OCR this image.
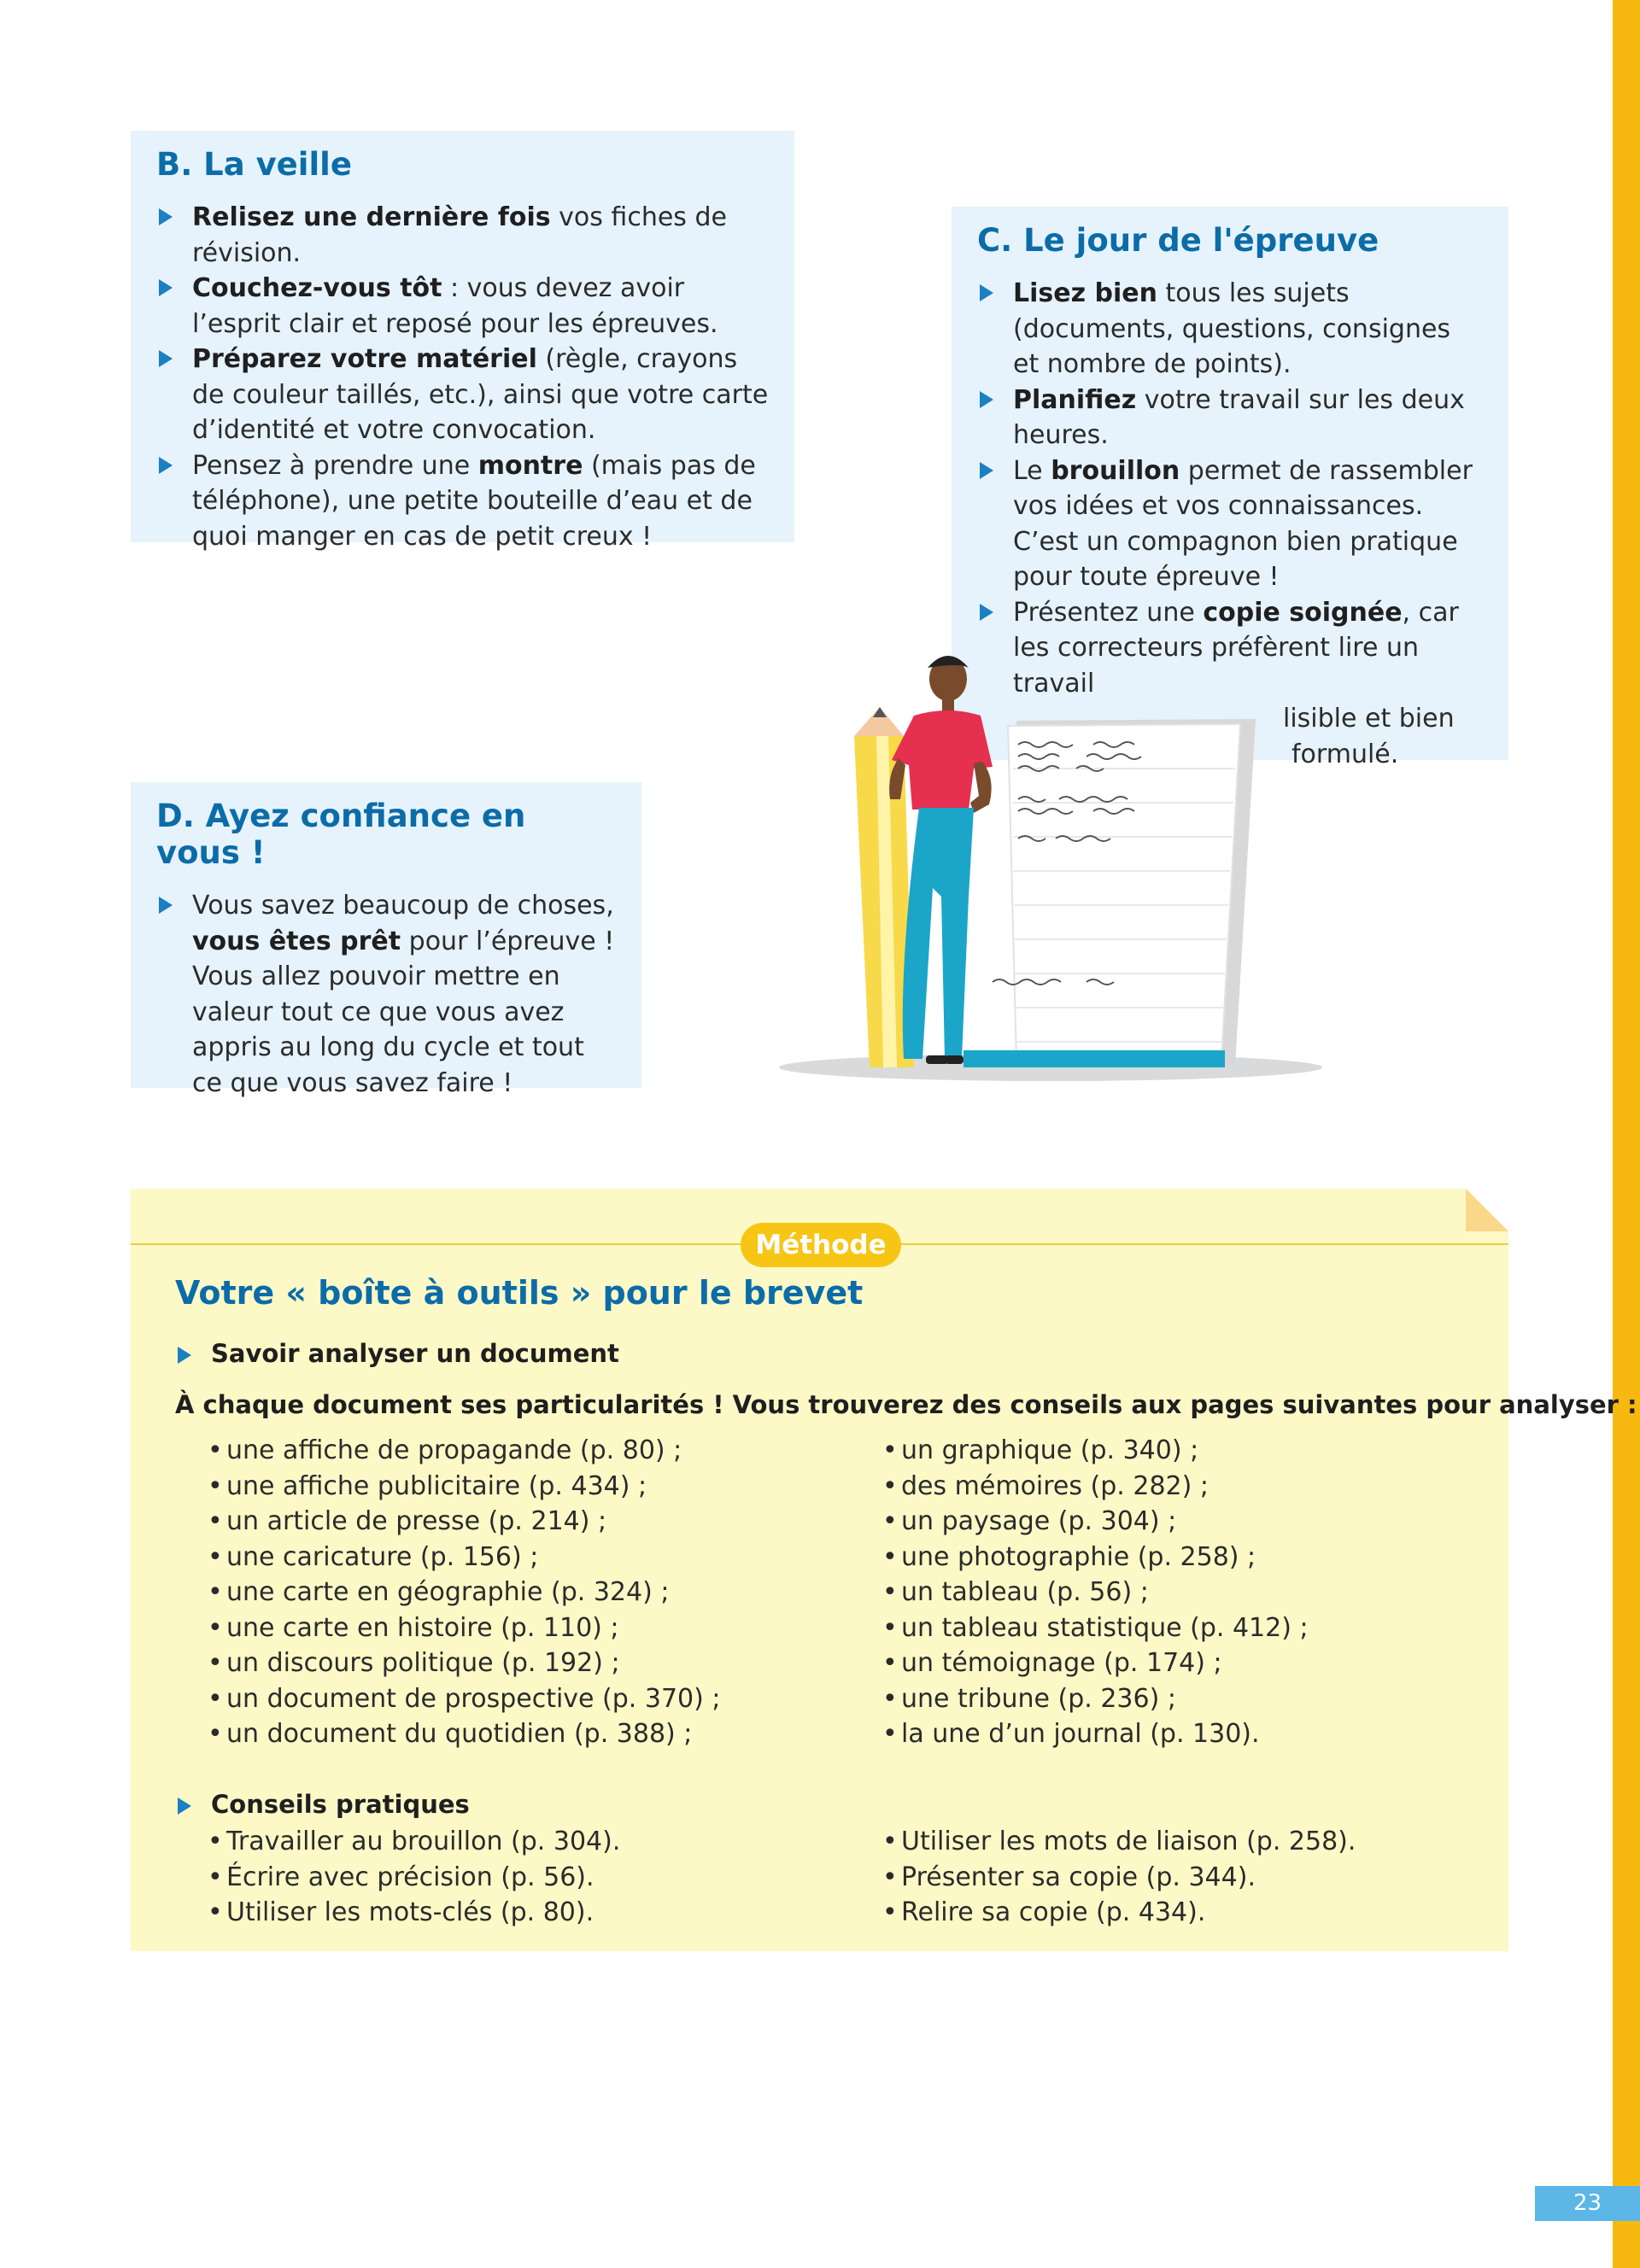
23
B. La veille
Relisez une dernière fois vos fiches de révision.
Couchez-vous tôt : vous devez avoir l’esprit clair et reposé pour les épreuves.
Préparez votre matériel (règle, crayons de couleur taillés, etc.), ainsi que votre carte d’identité et votre convocation.
Pensez à prendre une montre (mais pas de téléphone), une petite bouteille d’eau et de quoi manger en cas de petit creux !
C. Le jour de l'épreuve
Lisez bien tous les sujets (documents, questions, consignes et nombre de points).
Planifiez votre travail sur les deux heures.
Le brouillon permet de rassembler vos idées et vos connaissances. C’est un compagnon bien pratique pour toute épreuve !
Présentez une copie soignée, car les correcteurs préfèrent lire un travail
lisible et bien
formulé.
D. Ayez confiance en vous !
Vous savez beaucoup de choses, vous êtes prêt pour l’épreuve ! Vous allez pouvoir mettre en valeur tout ce que vous avez appris au long du cycle et tout ce que vous savez faire !
Méthode
Votre « boîte à outils » pour le brevet
Savoir analyser un document
À chaque document ses particularités ! Vous trouverez des conseils aux pages suivantes pour analyser :
• une affiche de propagande (p. 80) ;
• une affiche publicitaire (p. 434) ;
• un article de presse (p. 214) ;
• une caricature (p. 156) ;
• une carte en géographie (p. 324) ;
• une carte en histoire (p. 110) ;
• un discours politique (p. 192) ;
• un document de prospective (p. 370) ;
• un document du quotidien (p. 388) ;
• un graphique (p. 340) ;
• des mémoires (p. 282) ;
• un paysage (p. 304) ;
• une photographie (p. 258) ;
• un tableau (p. 56) ;
• un tableau statistique (p. 412) ;
• un témoignage (p. 174) ;
• une tribune (p. 236) ;
• la une d’un journal (p. 130).
Conseils pratiques
• Travailler au brouillon (p. 304).
• Écrire avec précision (p. 56).
• Utiliser les mots-clés (p. 80).
• Utiliser les mots de liaison (p. 258).
• Présenter sa copie (p. 344).
• Relire sa copie (p. 434).
